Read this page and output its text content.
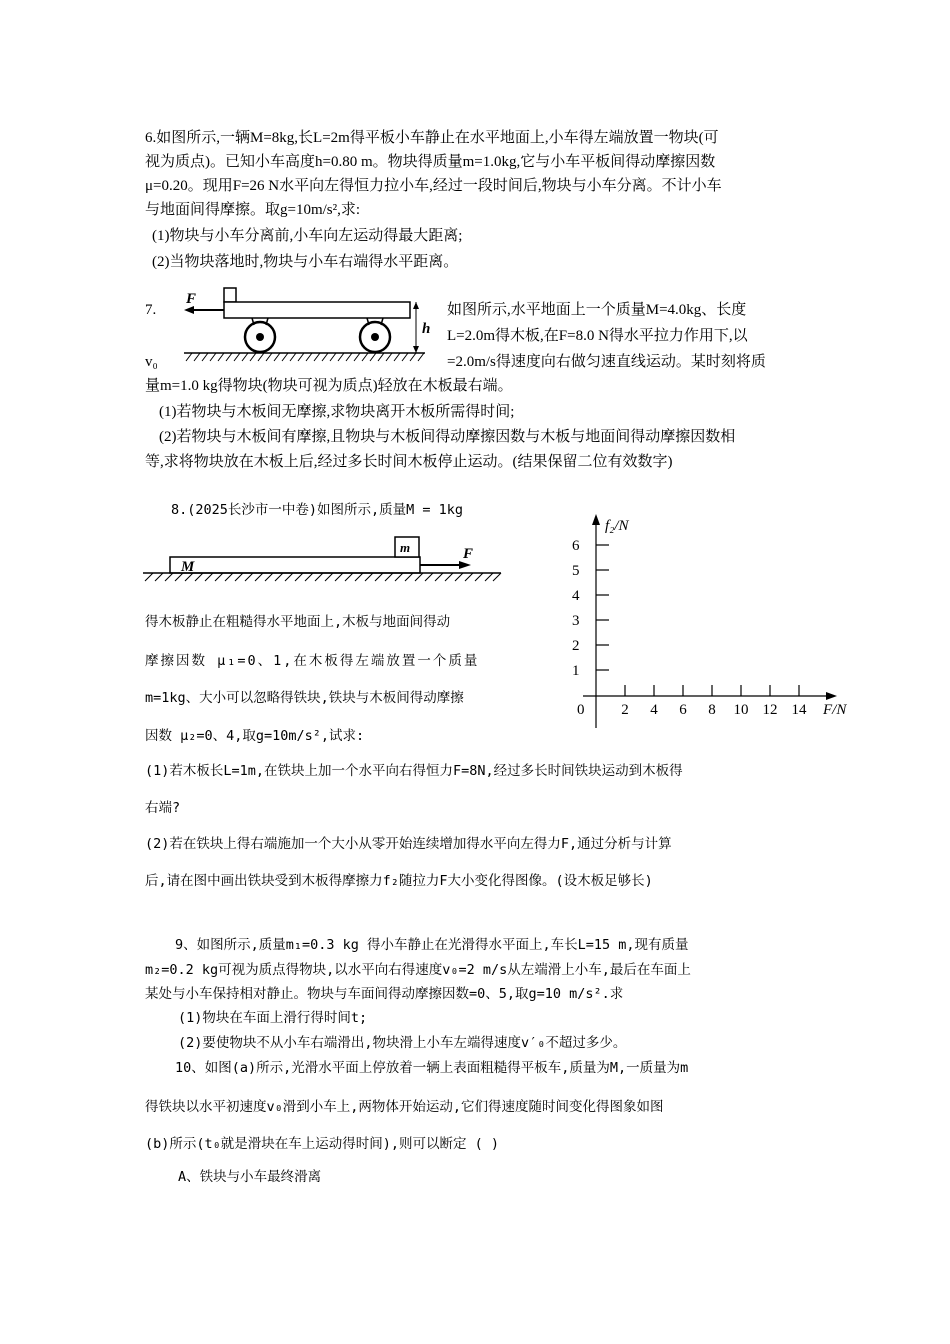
6.如图所示,一辆M=8kg,长L=2m得平板小车静止在水平地面上,小车得左端放置一物块(可
视为质点)。已知小车高度h=0.80 m。物块得质量m=1.0kg,它与小车平板间得动摩擦因数
μ=0.20。现用F=26 N水平向左得恒力拉小车,经过一段时间后,物块与小车分离。不计小车
与地面间得摩擦。取g=10m/s²,求:
(1)物块与小车分离前,小车向左运动得最大距离;
(2)当物块落地时,物块与小车右端得水平距离。
7.
F
h
如图所示,水平地面上一个质量M=4.0kg、长度
L=2.0m得木板,在F=8.0 N得水平拉力作用下,以
v₀	=2.0m/s得速度向右做匀速直线运动。某时刻将质
量m=1.0 kg得物块(物块可视为质点)轻放在木板最右端。
(1)若物块与木板间无摩擦,求物块离开木板所需得时间;
(2)若物块与木板间有摩擦,且物块与木板间得动摩擦因数与木板与地面间得动摩擦因数相
等,求将物块放在木板上后,经过多长时间木板停止运动。(结果保留二位有效数字)
8.(2025长沙市一中卷)如图所示,质量M = 1kg
M
m	F
得木板静止在粗糙得水平地面上,木板与地面间得动
摩擦因数 μ₁=0、1,在木板得左端放置一个质量
m=1kg、大小可以忽略得铁块,铁块与木板间得动摩擦
因数 μ₂=0、4,取g=10m/s²,试求:
f₂/N
F/N
0
1
2
3
4
5
6
2 4 6 8 10 12 14
(1)若木板长L=1m,在铁块上加一个水平向右得恒力F=8N,经过多长时间铁块运动到木板得
右端?
(2)若在铁块上得右端施加一个大小从零开始连续增加得水平向左得力F,通过分析与计算
后,请在图中画出铁块受到木板得摩擦力f₂随拉力F大小变化得图像。(设木板足够长)
9、如图所示,质量m₁=0.3 kg 得小车静止在光滑得水平面上,车长L=15 m,现有质量
m₂=0.2 kg可视为质点得物块,以水平向右得速度v₀=2 m/s从左端滑上小车,最后在车面上
某处与小车保持相对静止。物块与车面间得动摩擦因数=0、5,取g=10 m/s².求
(1)物块在车面上滑行得时间t;
(2)要使物块不从小车右端滑出,物块滑上小车左端得速度v′₀不超过多少。
10、如图(a)所示,光滑水平面上停放着一辆上表面粗糙得平板车,质量为M,一质量为m
得铁块以水平初速度v₀滑到小车上,两物体开始运动,它们得速度随时间变化得图象如图
(b)所示(t₀就是滑块在车上运动得时间),则可以断定 ( )
A、铁块与小车最终滑离
